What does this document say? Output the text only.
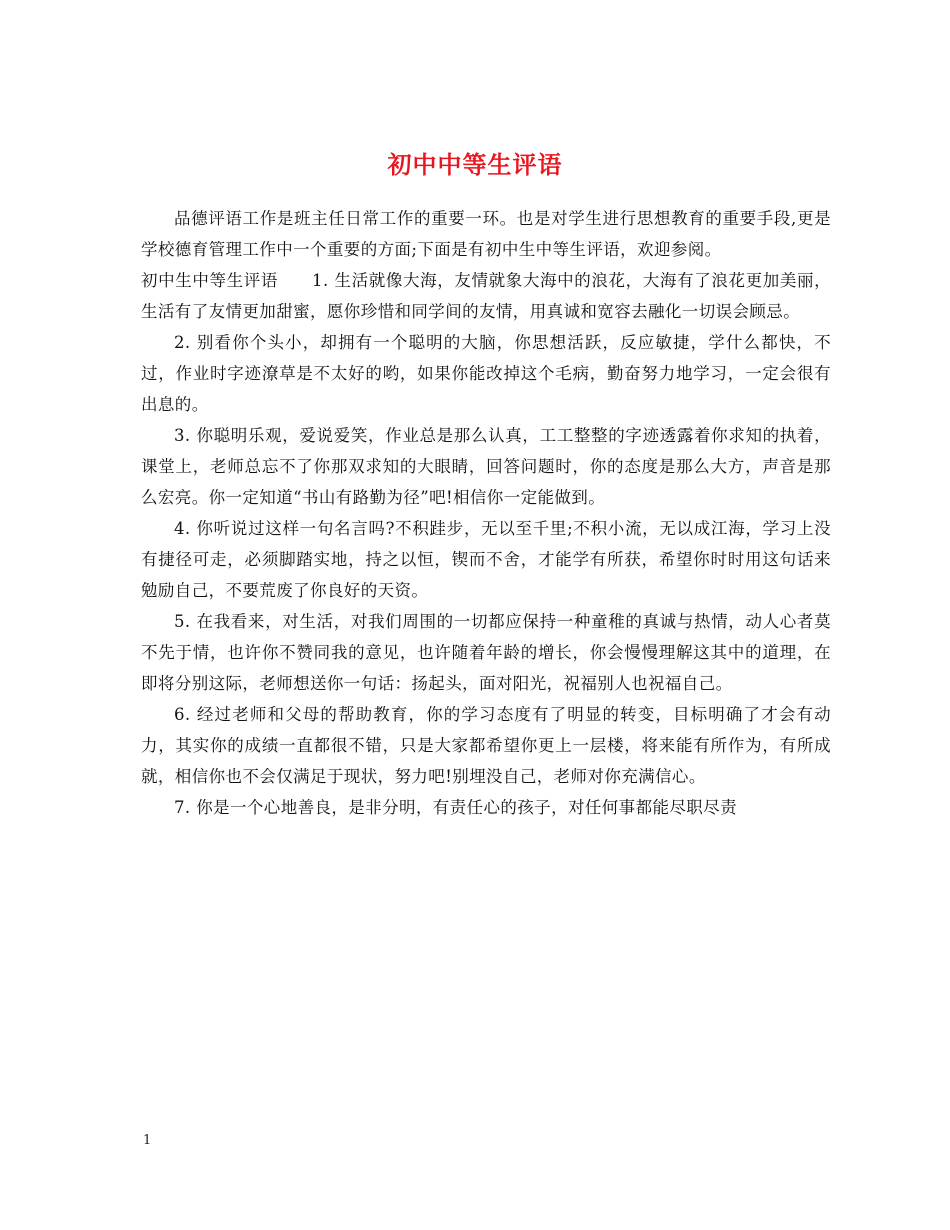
初中中等生评语

品德评语工作是班主任日常工作的重要一环。也是对学生进行思想教育的重要手段,更是学校德育管理工作中一个重要的方面;下面是有初中生中等生评语，欢迎参阅。

初中生中等生评语 1. 生活就像大海，友情就象大海中的浪花，大海有了浪花更加美丽，生活有了友情更加甜蜜，愿你珍惜和同学间的友情，用真诚和宽容去融化一切误会顾忌。

2. 别看你个头小，却拥有一个聪明的大脑，你思想活跃，反应敏捷，学什么都快，不过，作业时字迹潦草是不太好的哟，如果你能改掉这个毛病，勤奋努力地学习，一定会很有出息的。

3. 你聪明乐观，爱说爱笑，作业总是那么认真，工工整整的字迹透露着你求知的执着，课堂上，老师总忘不了你那双求知的大眼睛，回答问题时，你的态度是那么大方，声音是那么宏亮。你一定知道“书山有路勤为径”吧!相信你一定能做到。

4. 你听说过这样一句名言吗?不积跬步，无以至千里;不积小流，无以成江海，学习上没有捷径可走，必须脚踏实地，持之以恒，锲而不舍，才能学有所获，希望你时时用这句话来勉励自己，不要荒废了你良好的天资。

5. 在我看来，对生活，对我们周围的一切都应保持一种童稚的真诚与热情，动人心者莫不先于情，也许你不赞同我的意见，也许随着年龄的增长，你会慢慢理解这其中的道理，在即将分别这际，老师想送你一句话：扬起头，面对阳光，祝福别人也祝福自己。

6. 经过老师和父母的帮助教育，你的学习态度有了明显的转变，目标明确了才会有动力，其实你的成绩一直都很不错，只是大家都希望你更上一层楼，将来能有所作为，有所成就，相信你也不会仅满足于现状，努力吧!别埋没自己，老师对你充满信心。

7. 你是一个心地善良，是非分明，有责任心的孩子，对任何事都能尽职尽责

1
